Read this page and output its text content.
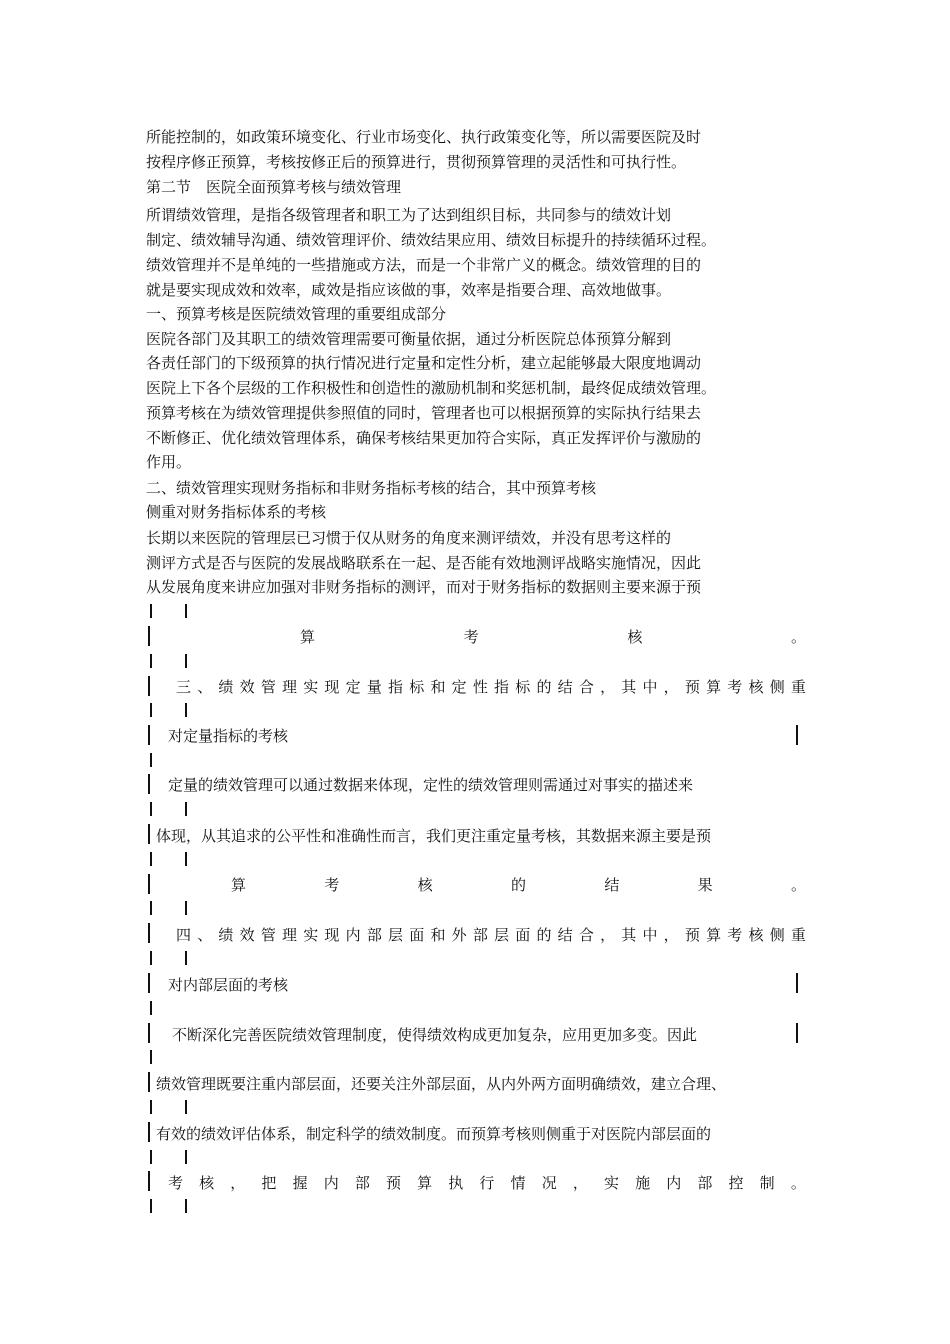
所能控制的，如政策环境变化、行业市场变化、执行政策变化等，所以需要医院及时
按程序修正预算，考核按修正后的预算进行，贯彻预算管理的灵活性和可执行性。
第二节　医院全面预算考核与绩效管理
所谓绩效管理，是指各级管理者和职工为了达到组织目标，共同参与的绩效计划
制定、绩效辅导沟通、绩效管理评价、绩效结果应用、绩效目标提升的持续循环过程。
绩效管理并不是单纯的一些措施或方法，而是一个非常广义的概念。绩效管理的目的
就是要实现成效和效率，咸效是指应该做的事，效率是指要合理、高效地做事。
一、预算考核是医院绩效管理的重要组成部分
医院各部门及其职工的绩效管理需要可衡量依据，通过分析医院总体预算分解到
各责任部门的下级预算的执行情况进行定量和定性分析，建立起能够最大限度地调动
医院上下各个层级的工作积极性和创造性的激励机制和奖惩机制，最终促成绩效管理。
预算考核在为绩效管理提供参照值的同时，管理者也可以根据预算的实际执行结果去
不断修正、优化绩效管理体系，确保考核结果更加符合实际，真正发挥评价与激励的
作用。
二、绩效管理实现财务指标和非财务指标考核的结合，其中预算考核
侧重对财务指标体系的考核
长期以来医院的管理层已习惯于仅从财务的角度来测评绩效，并没有思考这样的
测评方式是否与医院的发展战略联系在一起、是否能有效地测评战略实施情况，因此
从发展角度来讲应加强对非财务指标的测评，而对于财务指标的数据则主要来源于预
算	考	核	。
三 、 绩 效 管 理 实 现 定 量 指 标 和 定 性 指 标 的 结 合 ， 其 中 ， 预 算 考 核 侧 重
对定量指标的考核
定量的绩效管理可以通过数据来体现，定性的绩效管理则需通过对事实的描述来
体现，从其追求的公平性和准确性而言，我们更注重定量考核，其数据来源主要是预
算	考	核	的	结	果	。
四 、 绩 效 管 理 实 现 内 部 层 面 和 外 部 层 面 的 结 合 ， 其 中 ， 预 算 考 核 侧 重
对内部层面的考核
不断深化完善医院绩效管理制度，使得绩效构成更加复杂，应用更加多变。因此
绩效管理既要注重内部层面，还要关注外部层面，从内外两方面明确绩效，建立合理、
有效的绩效评估体系，制定科学的绩效制度。而预算考核则侧重于对医院内部层面的
考 核 ， 把 握 内 部 预 算 执 行 情 况 ， 实 施 内 部 控 制 。
